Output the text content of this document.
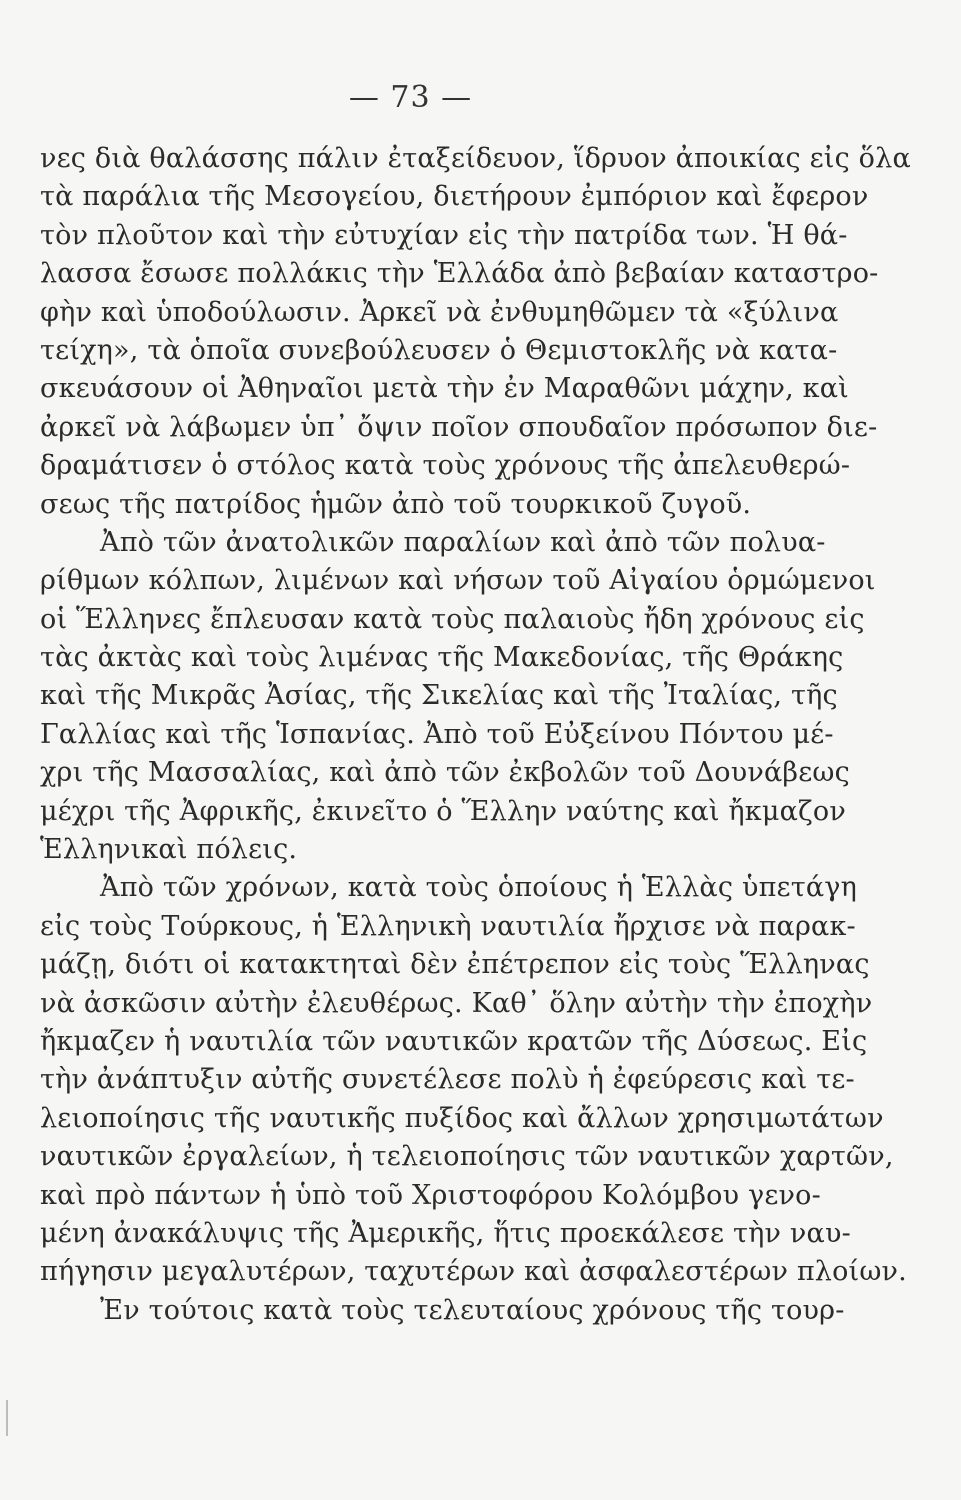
— 73 —
νες διὰ θαλάσσης πάλιν ἐταξείδευον, ἵδρυον ἀποικίας εἰς ὅλα
τὰ παράλια τῆς Μεσογείου, διετήρουν ἐμπόριον καὶ ἔφερον
τὸν πλοῦτον καὶ τὴν εὐτυχίαν εἰς τὴν πατρίδα των. Ἡ θά-
λασσα ἔσωσε πολλάκις τὴν Ἑλλάδα ἀπὸ βεβαίαν καταστρο-
φὴν καὶ ὑποδούλωσιν. Ἀρκεῖ νὰ ἐνθυμηθῶμεν τὰ «ξύλινα
τείχη», τὰ ὁποῖα συνεβούλευσεν ὁ Θεμιστοκλῆς νὰ κατα-
σκευάσουν οἱ Ἀθηναῖοι μετὰ τὴν ἐν Μαραθῶνι μάχην, καὶ
ἀρκεῖ νὰ λάβωμεν ὑπ᾽ ὄψιν ποῖον σπουδαῖον πρόσωπον διε-
δραμάτισεν ὁ στόλος κατὰ τοὺς χρόνους τῆς ἀπελευθερώ-
σεως τῆς πατρίδος ἡμῶν ἀπὸ τοῦ τουρκικοῦ ζυγοῦ.
Ἀπὸ τῶν ἀνατολικῶν παραλίων καὶ ἀπὸ τῶν πολυα-
ρίθμων κόλπων, λιμένων καὶ νήσων τοῦ Αἰγαίου ὁρμώμενοι
οἱ Ἕλληνες ἔπλευσαν κατὰ τοὺς παλαιοὺς ἤδη χρόνους εἰς
τὰς ἀκτὰς καὶ τοὺς λιμένας τῆς Μακεδονίας, τῆς Θράκης
καὶ τῆς Μικρᾶς Ἀσίας, τῆς Σικελίας καὶ τῆς Ἰταλίας, τῆς
Γαλλίας καὶ τῆς Ἱσπανίας. Ἀπὸ τοῦ Εὐξείνου Πόντου μέ-
χρι τῆς Μασσαλίας, καὶ ἀπὸ τῶν ἐκβολῶν τοῦ Δουνάβεως
μέχρι τῆς Ἀφρικῆς, ἐκινεῖτο ὁ Ἕλλην ναύτης καὶ ἤκμαζον
Ἑλληνικαὶ πόλεις.
Ἀπὸ τῶν χρόνων, κατὰ τοὺς ὁποίους ἡ Ἑλλὰς ὑπετάγη
εἰς τοὺς Τούρκους, ἡ Ἑλληνικὴ ναυτιλία ἤρχισε νὰ παρακ-
μάζῃ, διότι οἱ κατακτηταὶ δὲν ἐπέτρεπον εἰς τοὺς Ἕλληνας
νὰ ἀσκῶσιν αὐτὴν ἐλευθέρως. Καθ᾽ ὅλην αὐτὴν τὴν ἐποχὴν
ἤκμαζεν ἡ ναυτιλία τῶν ναυτικῶν κρατῶν τῆς Δύσεως. Εἰς
τὴν ἀνάπτυξιν αὐτῆς συνετέλεσε πολὺ ἡ ἐφεύρεσις καὶ τε-
λειοποίησις τῆς ναυτικῆς πυξίδος καὶ ἄλλων χρησιμωτάτων
ναυτικῶν ἐργαλείων, ἡ τελειοποίησις τῶν ναυτικῶν χαρτῶν,
καὶ πρὸ πάντων ἡ ὑπὸ τοῦ Χριστοφόρου Κολόμβου γενο-
μένη ἀνακάλυψις τῆς Ἀμερικῆς, ἥτις προεκάλεσε τὴν ναυ-
πήγησιν μεγαλυτέρων, ταχυτέρων καὶ ἀσφαλεστέρων πλοίων.
Ἐν τούτοις κατὰ τοὺς τελευταίους χρόνους τῆς τουρ-
